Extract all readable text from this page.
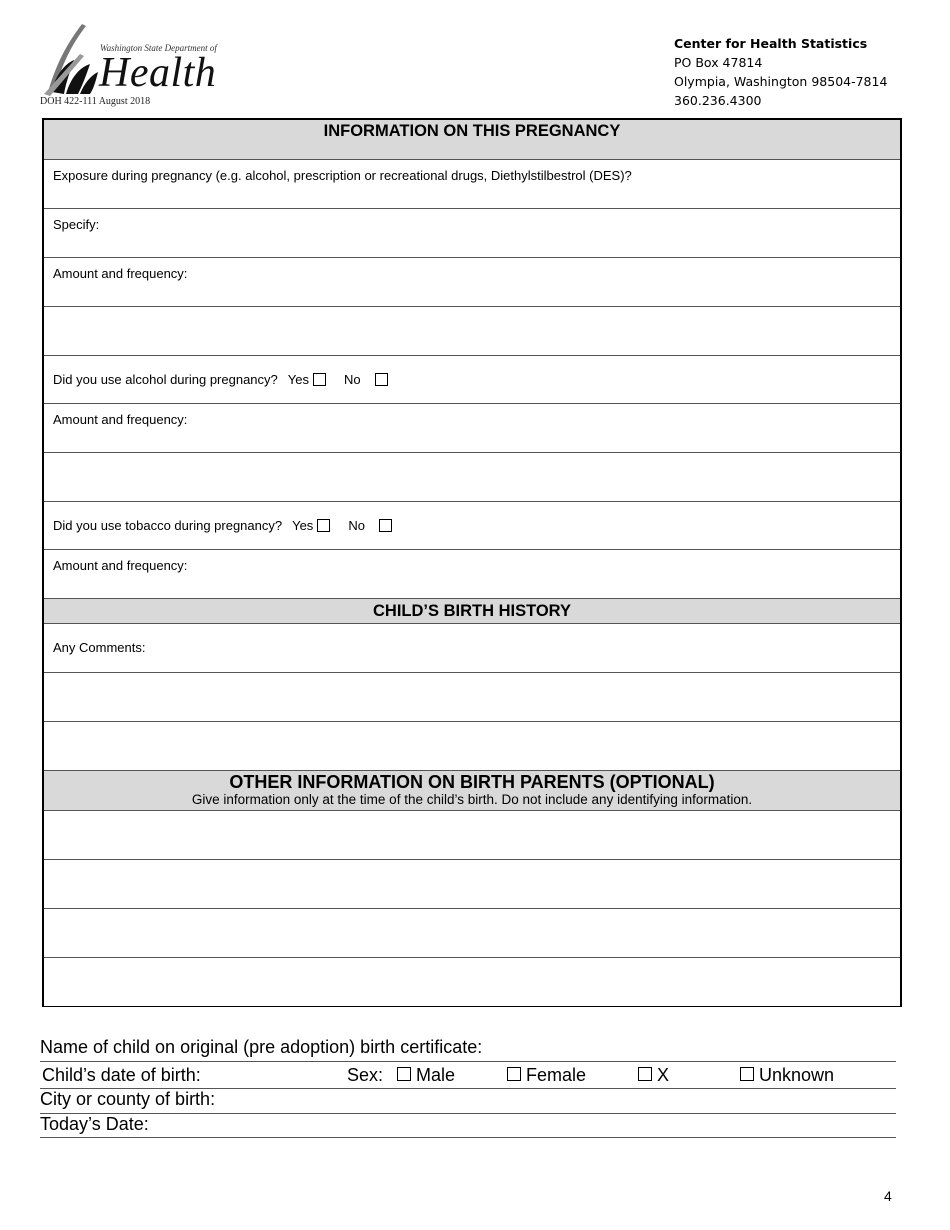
Washington State Department of
Health
DOH 422-111 August 2018
Center for Health Statistics
PO Box 47814
Olympia, Washington 98504-7814
360.236.4300
INFORMATION ON THIS PREGNANCY
Exposure during pregnancy (e.g. alcohol, prescription or recreational drugs, Diethylstilbestrol (DES)?
Specify:
Amount and frequency:
Did you use alcohol during pregnancy? Yes	No
Amount and frequency:
Did you use tobacco during pregnancy? Yes	No
Amount and frequency:
CHILD’S BIRTH HISTORY
Any Comments:
OTHER INFORMATION ON BIRTH PARENTS (OPTIONAL)
Give information only at the time of the child’s birth. Do not include any identifying information.
Name of child on original (pre adoption) birth certificate:
Child’s date of birth:	Sex:	Male	Female	X	Unknown
City or county of birth:
Today’s Date:
4
